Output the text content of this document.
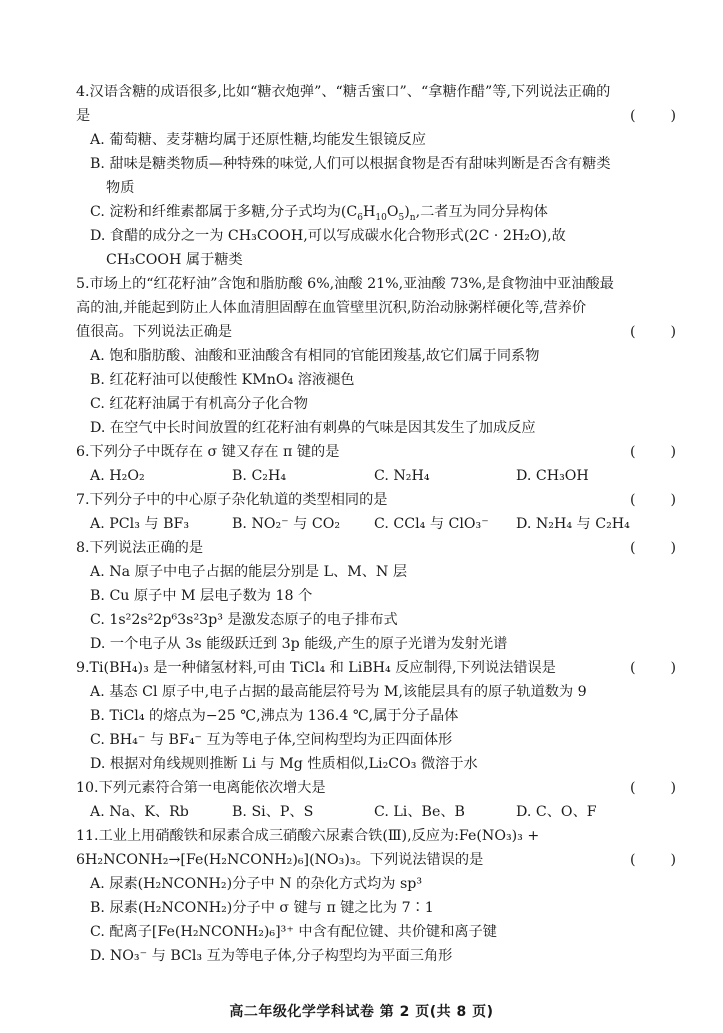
4.汉语含糖的成语很多,比如“糖衣炮弹”、“糖舌蜜口”、“拿糖作醋”等,下列说法正确的
是	( )
A. 葡萄糖、麦芽糖均属于还原性糖,均能发生银镜反应
B. 甜味是糖类物质—种特殊的味觉,人们可以根据食物是否有甜味判断是否含有糖类
物质
C. 淀粉和纤维素都属于多糖,分子式均为$(C_6H_{10}O_5)_n$,二者互为同分异构体
D. 食醋的成分之一为 CH₃COOH,可以写成碳水化合物形式(2C · 2H₂O),故
CH₃COOH 属于糖类
5.市场上的“红花籽油”含饱和脂肪酸 6%,油酸 21%,亚油酸 73%,是食物油中亚油酸最
高的油,并能起到防止人体血清胆固醇在血管壁里沉积,防治动脉粥样硬化等,营养价
值很高。下列说法正确是	( )
A. 饱和脂肪酸、油酸和亚油酸含有相同的官能团羧基,故它们属于同系物
B. 红花籽油可以使酸性 KMnO₄ 溶液褪色
C. 红花籽油属于有机高分子化合物
D. 在空气中长时间放置的红花籽油有刺鼻的气味是因其发生了加成反应
6.下列分子中既存在 σ 键又存在 π 键的是	( )
A. H₂O₂	B. C₂H₄	C. N₂H₄	D. CH₃OH
7.下列分子中的中心原子杂化轨道的类型相同的是	( )
A. PCl₃ 与 BF₃	B. NO₂⁻ 与 CO₂	C. CCl₄ 与 ClO₃⁻	D. N₂H₄ 与 C₂H₄
8.下列说法正确的是	( )
A. Na 原子中电子占据的能层分别是 L、M、N 层
B. Cu 原子中 M 层电子数为 18 个
C. 1s²2s²2p⁶3s²3p³ 是激发态原子的电子排布式
D. 一个电子从 3s 能级跃迁到 3p 能级,产生的原子光谱为发射光谱
9.Ti(BH₄)₃ 是一种储氢材料,可由 TiCl₄ 和 LiBH₄ 反应制得,下列说法错误是	( )
A. 基态 Cl 原子中,电子占据的最高能层符号为 M,该能层具有的原子轨道数为 9
B. TiCl₄ 的熔点为−25 ℃,沸点为 136.4 ℃,属于分子晶体
C. BH₄⁻ 与 BF₄⁻ 互为等电子体,空间构型均为正四面体形
D. 根据对角线规则推断 Li 与 Mg 性质相似,Li₂CO₃ 微溶于水
10.下列元素符合第一电离能依次增大是	( )
A. Na、K、Rb	B. Si、P、S	C. Li、Be、B	D. C、O、F
11.工业上用硝酸铁和尿素合成三硝酸六尿素合铁(Ⅲ),反应为:Fe(NO₃)₃ +
6H₂NCONH₂→[Fe(H₂NCONH₂)₆](NO₃)₃。下列说法错误的是	( )
A. 尿素(H₂NCONH₂)分子中 N 的杂化方式均为 sp³
B. 尿素(H₂NCONH₂)分子中 σ 键与 π 键之比为 7∶1
C. 配离子[Fe(H₂NCONH₂)₆]³⁺ 中含有配位键、共价键和离子键
D. NO₃⁻ 与 BCl₃ 互为等电子体,分子构型均为平面三角形
高二年级化学学科试卷 第 2 页(共 8 页)
